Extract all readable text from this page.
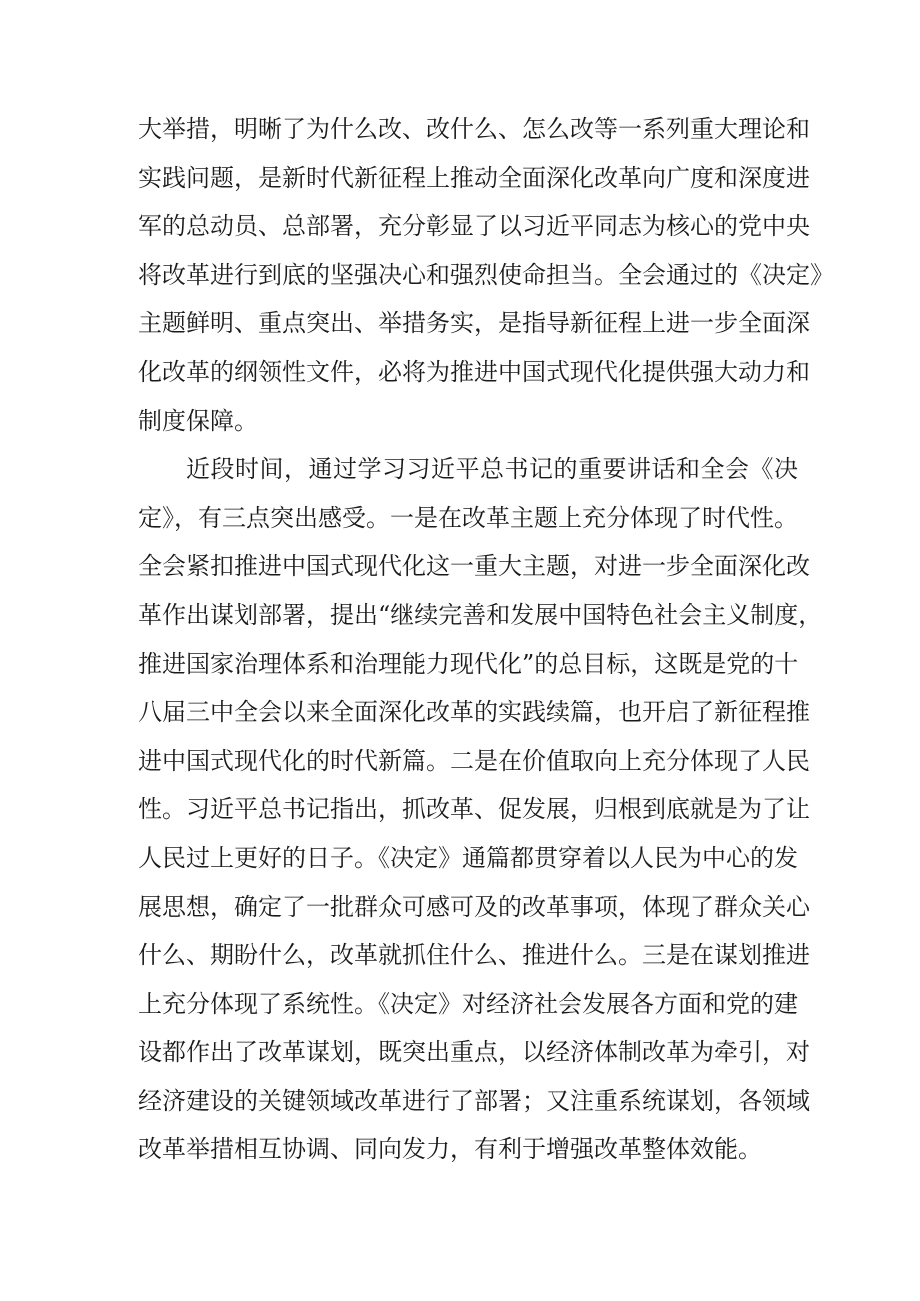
大举措，明晰了为什么改、改什么、怎么改等一系列重大理论和
实践问题，是新时代新征程上推动全面深化改革向广度和深度进
军的总动员、总部署，充分彰显了以习近平同志为核心的党中央
将改革进行到底的坚强决心和强烈使命担当。全会通过的《决定》
主题鲜明、重点突出、举措务实，是指导新征程上进一步全面深
化改革的纲领性文件，必将为推进中国式现代化提供强大动力和
制度保障。
近段时间，通过学习习近平总书记的重要讲话和全会《决
定》，有三点突出感受。一是在改革主题上充分体现了时代性。
全会紧扣推进中国式现代化这一重大主题，对进一步全面深化改
革作出谋划部署，提出“继续完善和发展中国特色社会主义制度，
推进国家治理体系和治理能力现代化”的总目标，这既是党的十
八届三中全会以来全面深化改革的实践续篇，也开启了新征程推
进中国式现代化的时代新篇。二是在价值取向上充分体现了人民
性。习近平总书记指出，抓改革、促发展，归根到底就是为了让
人民过上更好的日子。《决定》通篇都贯穿着以人民为中心的发
展思想，确定了一批群众可感可及的改革事项，体现了群众关心
什么、期盼什么，改革就抓住什么、推进什么。三是在谋划推进
上充分体现了系统性。《决定》对经济社会发展各方面和党的建
设都作出了改革谋划，既突出重点，以经济体制改革为牵引，对
经济建设的关键领域改革进行了部署；又注重系统谋划，各领域
改革举措相互协调、同向发力，有利于增强改革整体效能。
